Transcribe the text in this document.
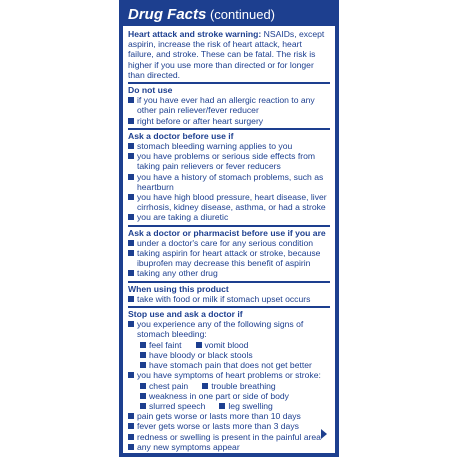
Drug Facts (continued)
Heart attack and stroke warning: NSAIDs, except aspirin, increase the risk of heart attack, heart failure, and stroke. These can be fatal. The risk is higher if you use more than directed or for longer than directed.
Do not use
if you have ever had an allergic reaction to any other pain reliever/fever reducer
right before or after heart surgery
Ask a doctor before use if
stomach bleeding warning applies to you
you have problems or serious side effects from taking pain relievers or fever reducers
you have a history of stomach problems, such as heartburn
you have high blood pressure, heart disease, liver cirrhosis, kidney disease, asthma, or had a stroke
you are taking a diuretic
Ask a doctor or pharmacist before use if you are
under a doctor's care for any serious condition
taking aspirin for heart attack or stroke, because ibuprofen may decrease this benefit of aspirin
taking any other drug
When using this product
take with food or milk if stomach upset occurs
Stop use and ask a doctor if
you experience any of the following signs of stomach bleeding:
feel faint	vomit blood
have bloody or black stools
have stomach pain that does not get better
you have symptoms of heart problems or stroke:
chest pain	trouble breathing
weakness in one part or side of body
slurred speech	leg swelling
pain gets worse or lasts more than 10 days
fever gets worse or lasts more than 3 days
redness or swelling is present in the painful area
any new symptoms appear
